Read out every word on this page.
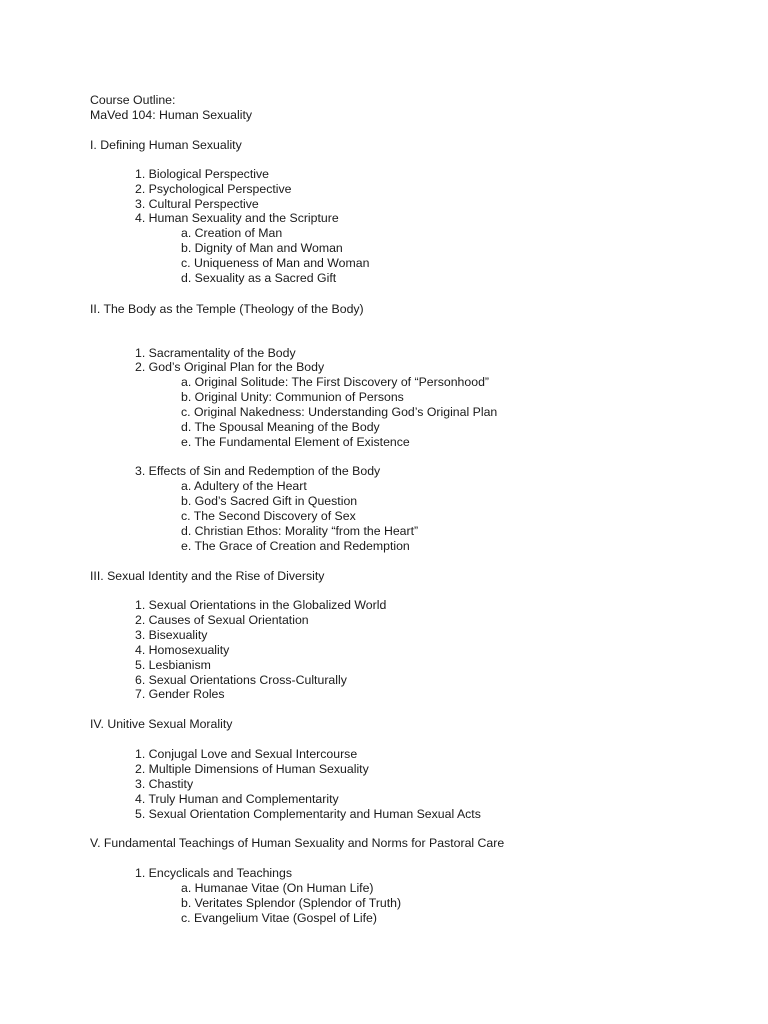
Course Outline:
MaVed 104: Human Sexuality
I. Defining Human Sexuality
1. Biological Perspective
2. Psychological Perspective
3. Cultural Perspective
4. Human Sexuality and the Scripture
a. Creation of Man
b. Dignity of Man and Woman
c. Uniqueness of Man and Woman
d. Sexuality as a Sacred Gift
II. The Body as the Temple (Theology of the Body)
1. Sacramentality of the Body
2. God’s Original Plan for the Body
a. Original Solitude: The First Discovery of “Personhood”
b. Original Unity: Communion of Persons
c. Original Nakedness: Understanding God’s Original Plan
d. The Spousal Meaning of the Body
e. The Fundamental Element of Existence
3. Effects of Sin and Redemption of the Body
a. Adultery of the Heart
b. God’s Sacred Gift in Question
c. The Second Discovery of Sex
d. Christian Ethos: Morality “from the Heart”
e. The Grace of Creation and Redemption
III. Sexual Identity and the Rise of Diversity
1. Sexual Orientations in the Globalized World
2. Causes of Sexual Orientation
3. Bisexuality
4. Homosexuality
5. Lesbianism
6. Sexual Orientations Cross-Culturally
7. Gender Roles
IV. Unitive Sexual Morality
1. Conjugal Love and Sexual Intercourse
2. Multiple Dimensions of Human Sexuality
3. Chastity
4. Truly Human and Complementarity
5. Sexual Orientation Complementarity and Human Sexual Acts
V. Fundamental Teachings of Human Sexuality and Norms for Pastoral Care
1. Encyclicals and Teachings
a. Humanae Vitae (On Human Life)
b. Veritates Splendor (Splendor of Truth)
c. Evangelium Vitae (Gospel of Life)
